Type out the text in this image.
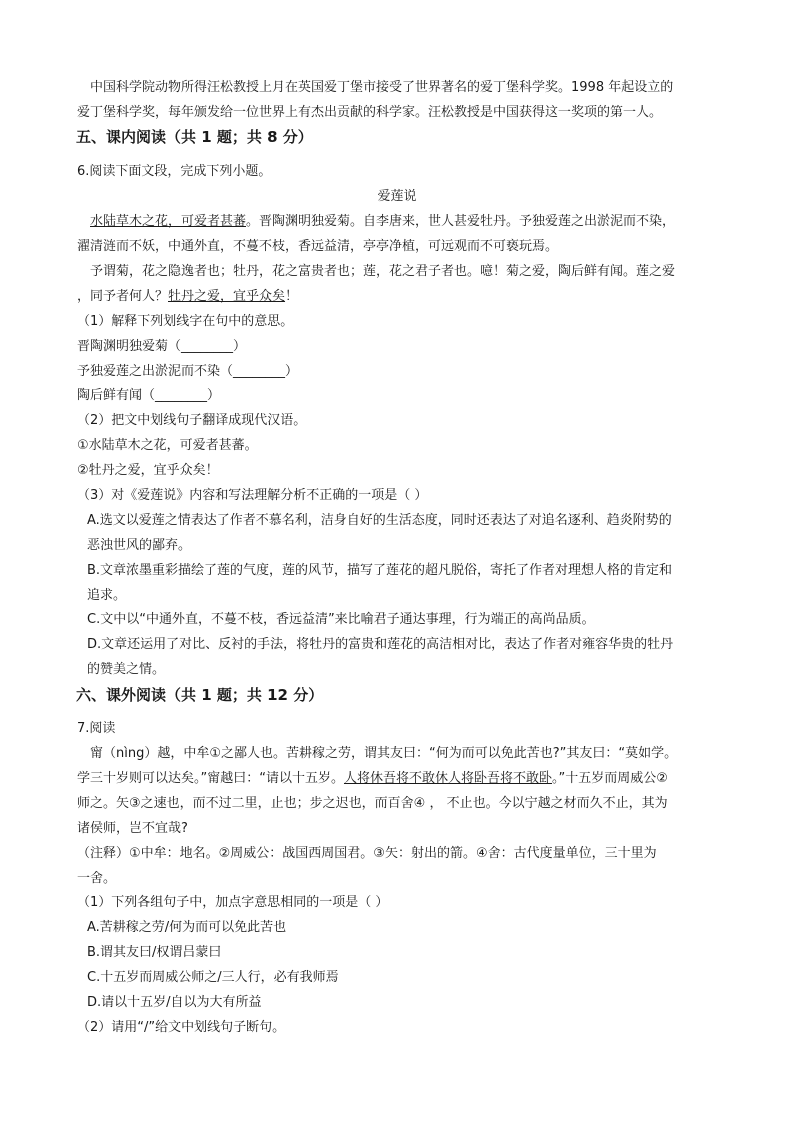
中国科学院动物所得汪松教授上月在英国爱丁堡市接受了世界著名的爱丁堡科学奖。1998 年起设立的
爱丁堡科学奖，每年颁发给一位世界上有杰出贡献的科学家。汪松教授是中国获得这一奖项的第一人。
五、课内阅读（共 1 题；共 8 分）
6.阅读下面文段，完成下列小题。
爱莲说
水陆草木之花，可爱者甚蕃。晋陶渊明独爱菊。自李唐来，世人甚爱牡丹。予独爱莲之出淤泥而不染，
濯清涟而不妖，中通外直，不蔓不枝，香远益清，亭亭净植，可远观而不可亵玩焉。
予谓菊，花之隐逸者也；牡丹，花之富贵者也；莲，花之君子者也。噫！菊之爱，陶后鲜有闻。莲之爱
，同予者何人？牡丹之爱，宜乎众矣！
（1）解释下列划线字在句中的意思。
晋陶渊明独爱菊（________）
予独爱莲之出淤泥而不染（________）
陶后鲜有闻（________）
（2）把文中划线句子翻译成现代汉语。
①水陆草木之花，可爱者甚蕃。
②牡丹之爱，宜乎众矣！
（3）对《爱莲说》内容和写法理解分析不正确的一项是（ ）
A.选文以爱莲之情表达了作者不慕名利，洁身自好的生活态度，同时还表达了对追名逐利、趋炎附势的
恶浊世风的鄙弃。
B.文章浓墨重彩描绘了莲的气度，莲的风节，描写了莲花的超凡脱俗，寄托了作者对理想人格的肯定和
追求。
C.文中以“中通外直，不蔓不枝，香远益清”来比喻君子通达事理，行为端正的高尚品质。
D.文章还运用了对比、反衬的手法，将牡丹的富贵和莲花的高洁相对比，表达了作者对雍容华贵的牡丹
的赞美之情。
六、课外阅读（共 1 题；共 12 分）
7.阅读
甯（nìng）越，中牟①之鄙人也。苦耕稼之劳，谓其友曰：“何为而可以免此苦也?”其友曰：“莫如学。
学三十岁则可以达矣。”甯越曰：“请以十五岁。人将休吾将不敢休人将卧吾将不敢卧。”十五岁而周威公②
师之。矢③之速也，而不过二里，止也；步之迟也，而百舍④ ， 不止也。今以宁越之材而久不止，其为
诸侯师，岂不宜哉?
（注释）①中牟：地名。②周威公：战国西周国君。③矢：射出的箭。④舍：古代度量单位，三十里为
一舍。
（1）下列各组句子中，加点字意思相同的一项是（ ）
A.苦耕稼之劳/何为而可以免此苦也
B.谓其友曰/权谓吕蒙曰
C.十五岁而周威公师之/三人行，必有我师焉
D.请以十五岁/自以为大有所益
（2）请用“/”给文中划线句子断句。
